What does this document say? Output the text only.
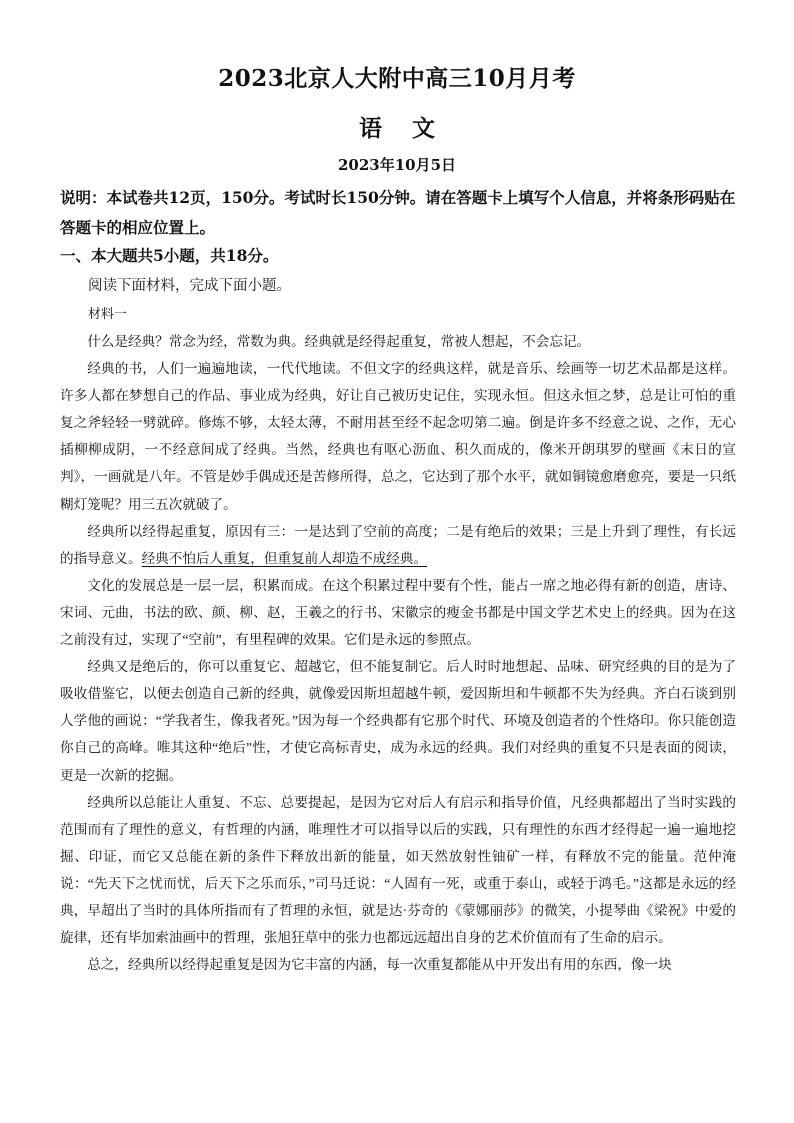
2023北京人大附中高三10月月考
语文
2023年10月5日
说明：本试卷共12页，150分。考试时长150分钟。请在答题卡上填写个人信息，并将条形码贴在答题卡的相应位置上。
一、本大题共5小题，共18分。
阅读下面材料，完成下面小题。
材料一

什么是经典？常念为经，常数为典。经典就是经得起重复，常被人想起，不会忘记。

经典的书，人们一遍遍地读，一代代地读。不但文字的经典这样，就是音乐、绘画等一切艺术品都是这样。许多人都在梦想自己的作品、事业成为经典，好让自己被历史记住，实现永恒。但这永恒之梦，总是让可怕的重复之斧轻轻一劈就碎。修炼不够，太轻太薄，不耐用甚至经不起念叨第二遍。倒是许多不经意之说、之作，无心插柳柳成阴，一不经意间成了经典。当然，经典也有呕心沥血、积久而成的，像米开朗琪罗的壁画《末日的宣判》，一画就是八年。不管是妙手偶成还是苦修所得，总之，它达到了那个水平，就如铜镜愈磨愈亮，要是一只纸糊灯笼呢？用三五次就破了。

经典所以经得起重复，原因有三：一是达到了空前的高度；二是有绝后的效果；三是上升到了理性，有长远的指导意义。经典不怕后人重复，但重复前人却造不成经典。

文化的发展总是一层一层，积累而成。在这个积累过程中要有个性，能占一席之地必得有新的创造，唐诗、宋词、元曲，书法的欧、颜、柳、赵，王羲之的行书、宋徽宗的瘦金书都是中国文学艺术史上的经典。因为在这之前没有过，实现了“空前”，有里程碑的效果。它们是永远的参照点。

经典又是绝后的，你可以重复它、超越它，但不能复制它。后人时时地想起、品味、研究经典的目的是为了吸收借鉴它，以便去创造自己新的经典，就像爱因斯坦超越牛顿，爱因斯坦和牛顿都不失为经典。齐白石谈到别人学他的画说：“学我者生，像我者死。”因为每一个经典都有它那个时代、环境及创造者的个性烙印。你只能创造你自己的高峰。唯其这种“绝后”性，才使它高标青史，成为永远的经典。我们对经典的重复不只是表面的阅读，更是一次新的挖掘。

经典所以总能让人重复、不忘、总要提起，是因为它对后人有启示和指导价值，凡经典都超出了当时实践的范围而有了理性的意义，有哲理的内涵，唯理性才可以指导以后的实践，只有理性的东西才经得起一遍一遍地挖掘、印证，而它又总能在新的条件下释放出新的能量，如天然放射性铀矿一样，有释放不完的能量。范仲淹说：“先天下之忧而忧，后天下之乐而乐，”司马迁说：“人固有一死，或重于泰山，或轻于鸿毛。”这都是永远的经典，早超出了当时的具体所指而有了哲理的永恒，就是达·芬奇的《蒙娜丽莎》的微笑，小提琴曲《梁祝》中爱的旋律，还有毕加索油画中的哲理，张旭狂草中的张力也都远远超出自身的艺术价值而有了生命的启示。

总之，经典所以经得起重复是因为它丰富的内涵，每一次重复都能从中开发出有用的东西，像一块
